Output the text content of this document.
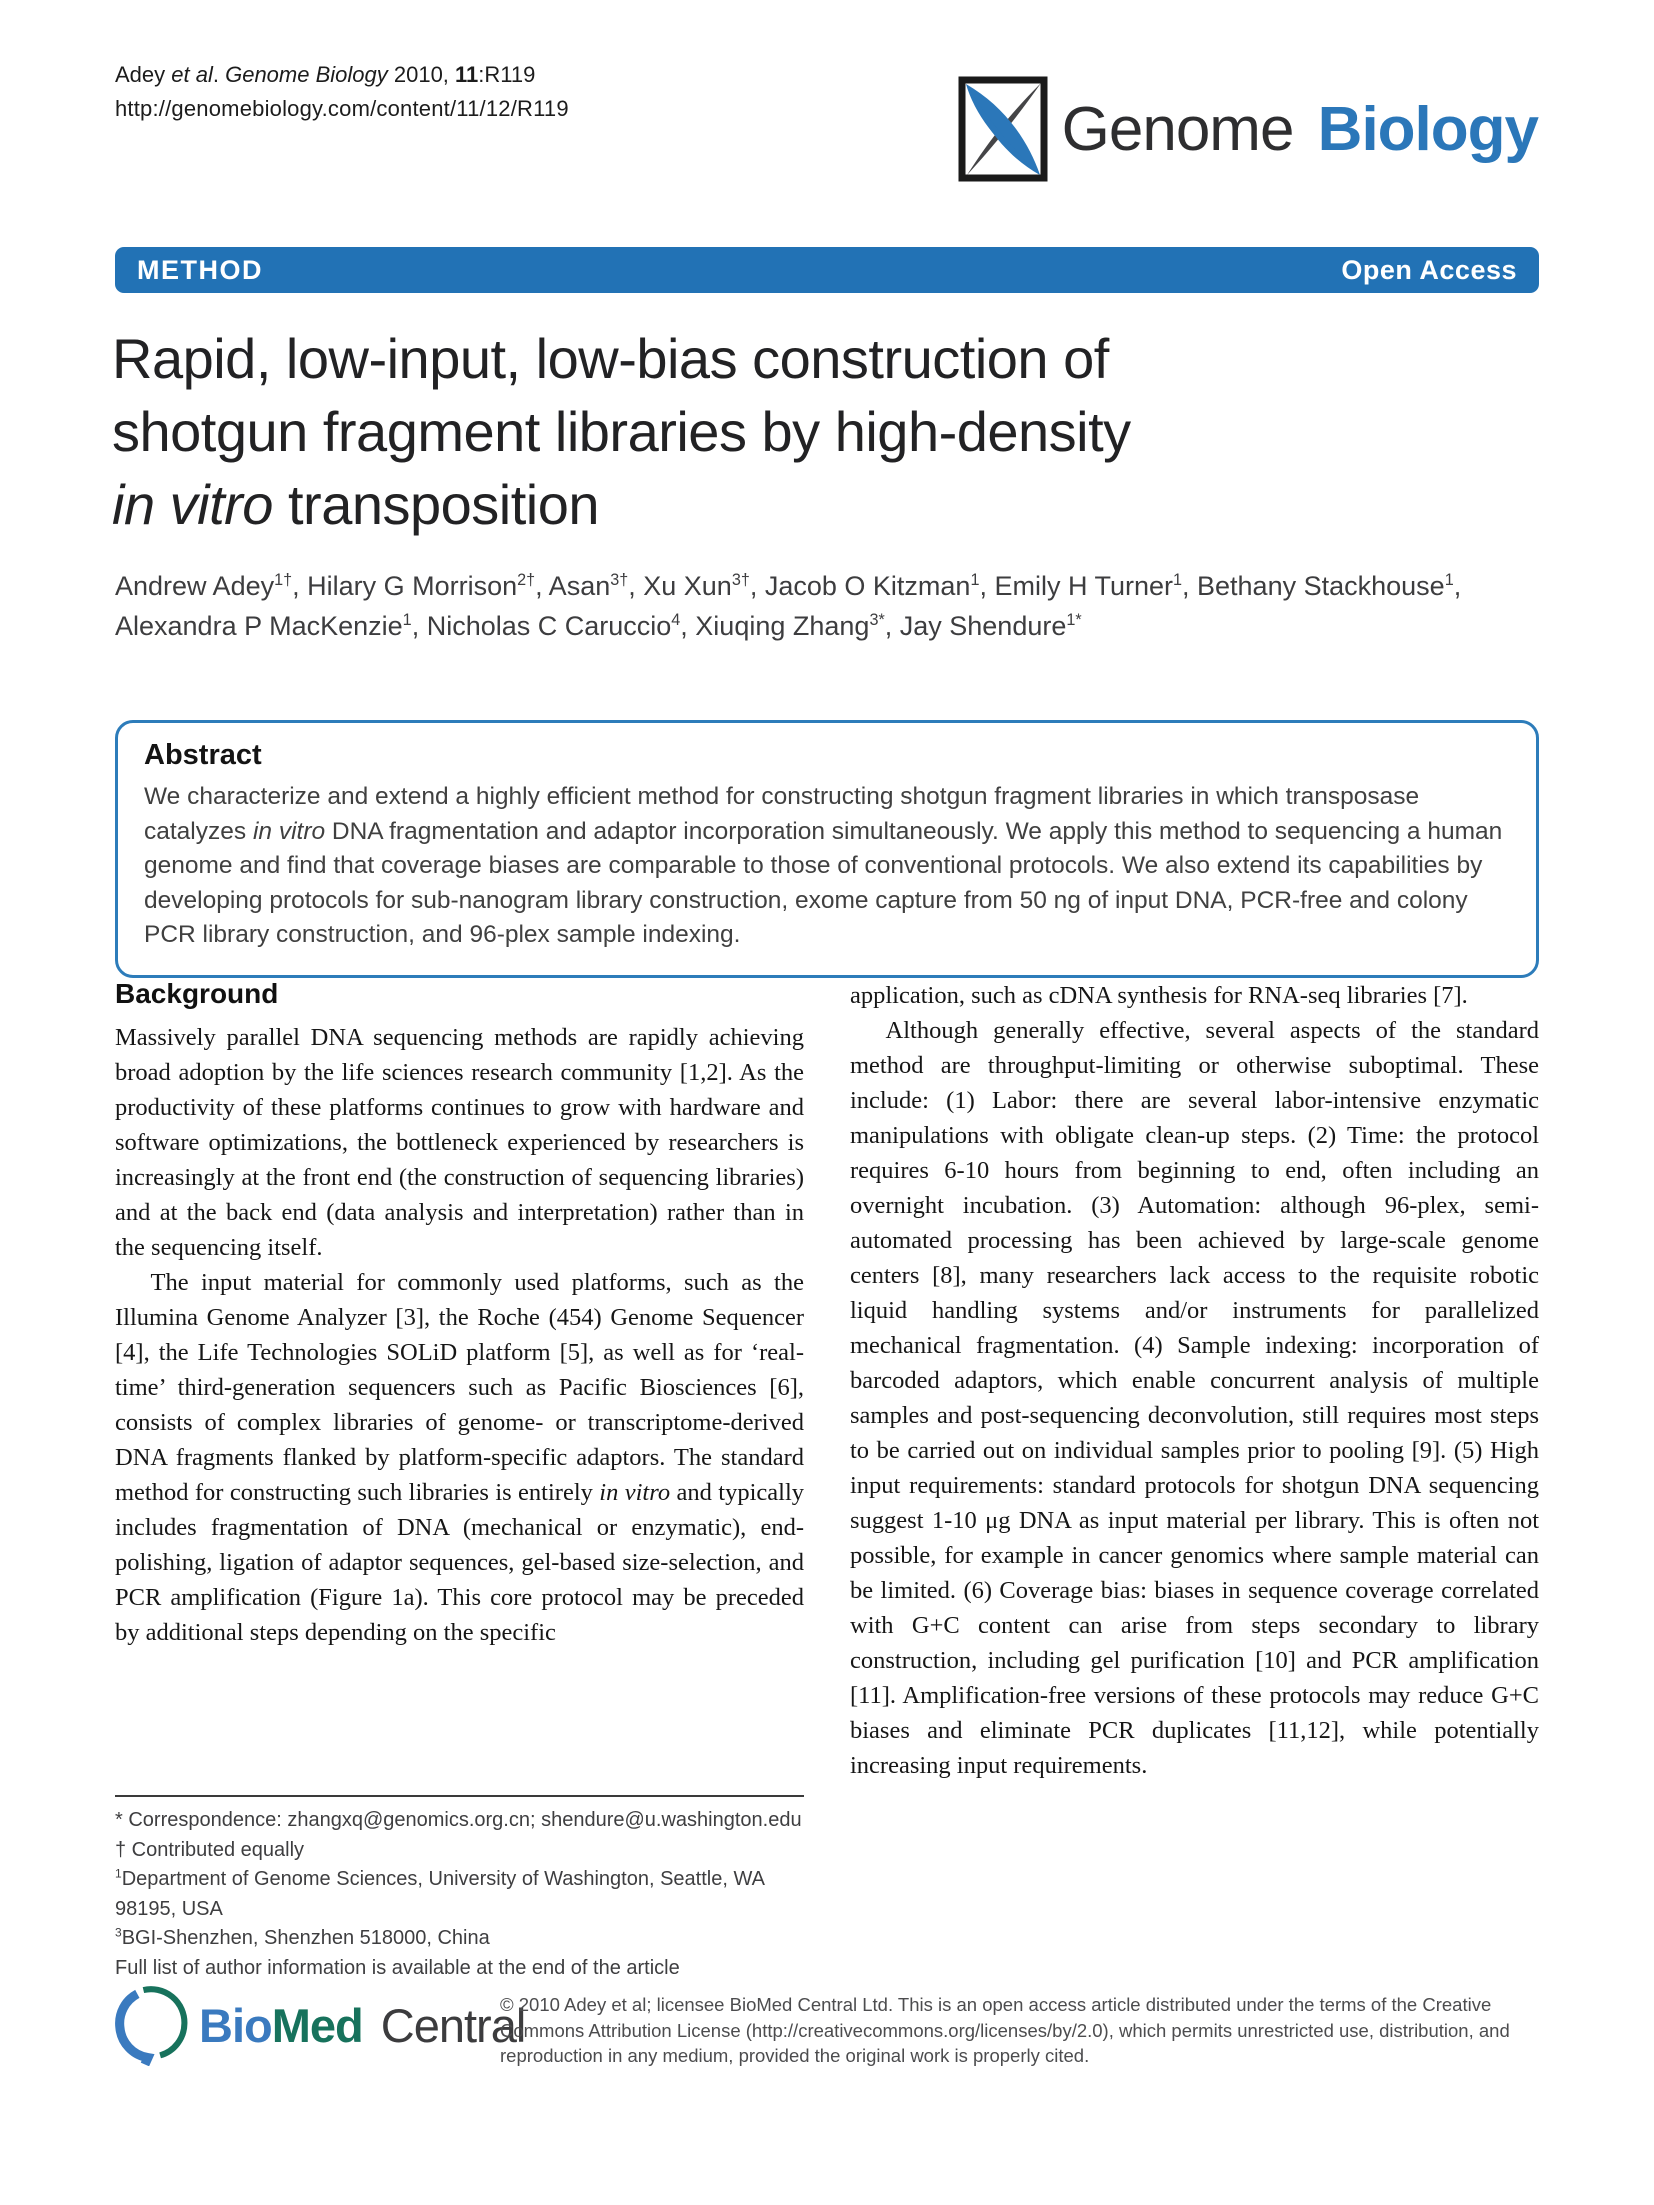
Adey et al. Genome Biology 2010, 11:R119
http://genomebiology.com/content/11/12/R119	Genome Biology
METHOD	Open Access
Rapid, low-input, low-bias construction of
shotgun fragment libraries by high-density
in vitro transposition
Andrew Adey$^{1\dagger}$, Hilary G Morrison$^{2\dagger}$, Asan$^{3\dagger}$, Xu Xun$^{3\dagger}$, Jacob O Kitzman$^1$, Emily H Turner$^1$, Bethany Stackhouse$^1$, Alexandra P MacKenzie$^1$, Nicholas C Caruccio$^4$, Xiuqing Zhang$^{3*}$, Jay Shendure$^{1*}$
Abstract

We characterize and extend a highly efficient method for constructing shotgun fragment libraries in which transposase catalyzes in vitro DNA fragmentation and adaptor incorporation simultaneously. We apply this method to sequencing a human genome and find that coverage biases are comparable to those of conventional protocols. We also extend its capabilities by developing protocols for sub-nanogram library construction, exome capture from 50 ng of input DNA, PCR-free and colony PCR library construction, and 96-plex sample indexing.

Background

Massively parallel DNA sequencing methods are rapidly achieving broad adoption by the life sciences research community [1,2]. As the productivity of these platforms continues to grow with hardware and software optimizations, the bottleneck experienced by researchers is increasingly at the front end (the construction of sequencing libraries) and at the back end (data analysis and interpretation) rather than in the sequencing itself.

The input material for commonly used platforms, such as the Illumina Genome Analyzer [3], the Roche (454) Genome Sequencer [4], the Life Technologies SOLiD platform [5], as well as for ‘real-time’ third-generation sequencers such as Pacific Biosciences [6], consists of complex libraries of genome- or transcriptome-derived DNA fragments flanked by platform-specific adaptors. The standard method for constructing such libraries is entirely in vitro and typically includes fragmentation of DNA (mechanical or enzymatic), end-polishing, ligation of adaptor sequences, gel-based size-selection, and PCR amplification (Figure 1a). This core protocol may be preceded by additional steps depending on the specific

application, such as cDNA synthesis for RNA-seq libraries [7].

Although generally effective, several aspects of the standard method are throughput-limiting or otherwise suboptimal. These include: (1) Labor: there are several labor-intensive enzymatic manipulations with obligate clean-up steps. (2) Time: the protocol requires 6-10 hours from beginning to end, often including an overnight incubation. (3) Automation: although 96-plex, semi-automated processing has been achieved by large-scale genome centers [8], many researchers lack access to the requisite robotic liquid handling systems and/or instruments for parallelized mechanical fragmentation. (4) Sample indexing: incorporation of barcoded adaptors, which enable concurrent analysis of multiple samples and post-sequencing deconvolution, still requires most steps to be carried out on individual samples prior to pooling [9]. (5) High input requirements: standard protocols for shotgun DNA sequencing suggest 1-10 μg DNA as input material per library. This is often not possible, for example in cancer genomics where sample material can be limited. (6) Coverage bias: biases in sequence coverage correlated with G+C content can arise from steps secondary to library construction, including gel purification [10] and PCR amplification [11]. Amplification-free versions of these protocols may reduce G+C biases and eliminate PCR duplicates [11,12], while potentially increasing input requirements.

* Correspondence: zhangxq@genomics.org.cn; shendure@u.washington.edu
† Contributed equally
$^1$Department of Genome Sciences, University of Washington, Seattle, WA 98195, USA
$^3$BGI-Shenzhen, Shenzhen 518000, China
Full list of author information is available at the end of the article
BioMed Central
© 2010 Adey et al; licensee BioMed Central Ltd. This is an open access article distributed under the terms of the Creative Commons Attribution License (http://creativecommons.org/licenses/by/2.0), which permits unrestricted use, distribution, and reproduction in any medium, provided the original work is properly cited.
